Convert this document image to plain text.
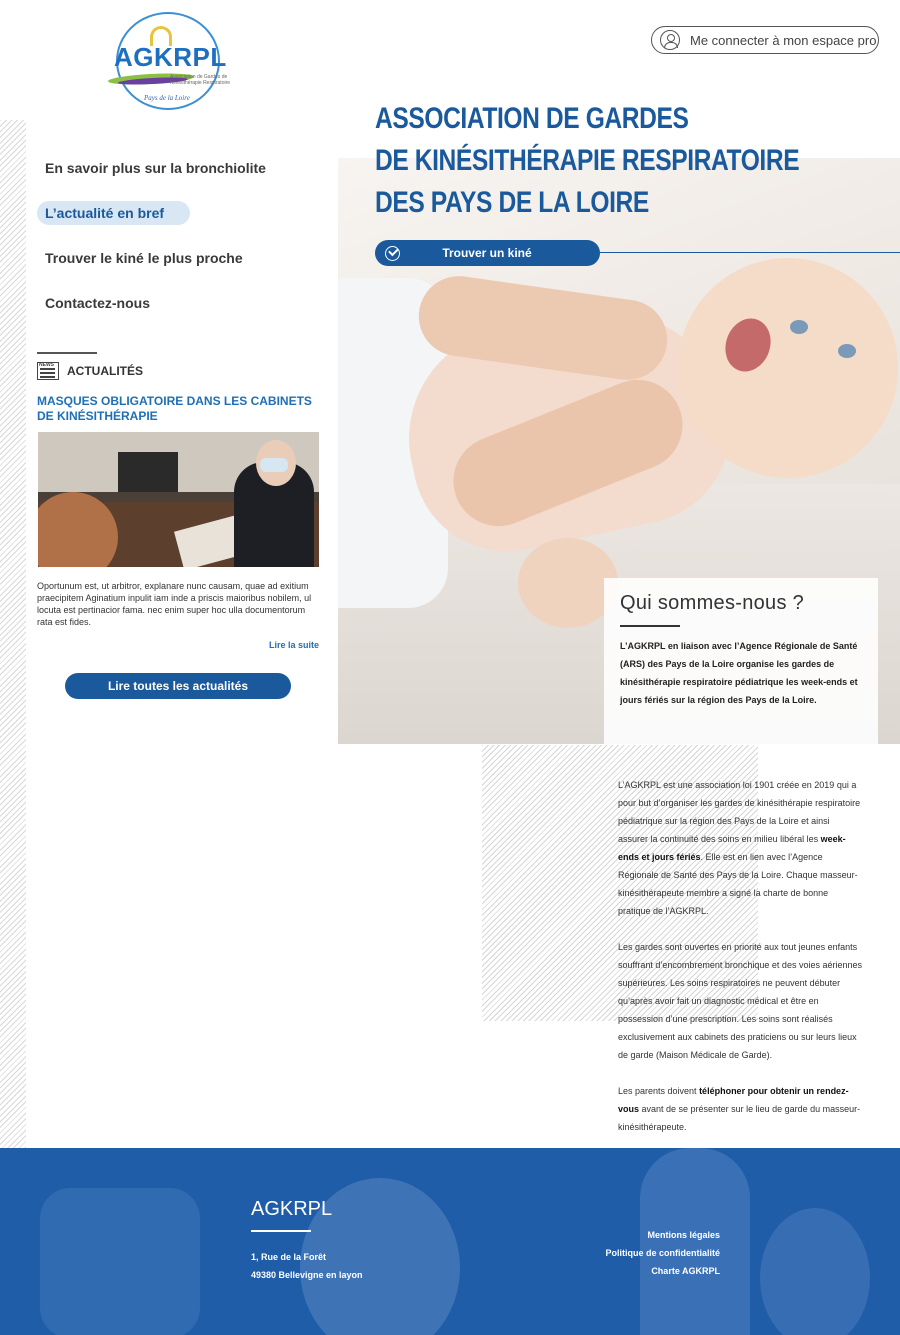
AGKRPL
Association de Gardes de Kinésithérapie Respiratoire
Pays de la Loire
Me connecter à mon espace pro
ASSOCIATION DE GARDES
DE KINÉSITHÉRAPIE RESPIRATOIRE
DES PAYS DE LA LOIRE
Trouver un kiné
Qui sommes-nous ?

L’AGKRPL en liaison avec l’Agence Régionale de Santé (ARS) des Pays de la Loire organise les gardes de kinésithérapie respiratoire pédiatrique les week-ends et jours fériés sur la région des Pays de la Loire.

L’AGKRPL est une association loi 1901 créée en 2019 qui a pour but d’organiser les gardes de kinésithérapie respiratoire pédiatrique sur la région des Pays de la Loire et ainsi assurer la continuité des soins en milieu libéral les week-ends et jours fériés. Elle est en lien avec l’Agence Régionale de Santé des Pays de la Loire. Chaque masseur-kinésithérapeute membre a signé la charte de bonne pratique de l’AGKRPL.

Les gardes sont ouvertes en priorité aux tout jeunes enfants souffrant d’encombrement bronchique et des voies aériennes supérieures. Les soins respiratoires ne peuvent débuter qu’après avoir fait un diagnostic médical et être en possession d’une prescription. Les soins sont réalisés exclusivement aux cabinets des praticiens ou sur leurs lieux de garde (Maison Médicale de Garde).

Les parents doivent téléphoner pour obtenir un rendez-vous avant de se présenter sur le lieu de garde du masseur-kinésithérapeute.

En savoir plus sur la bronchiolite
L’actualité en bref
Trouver le kiné le plus proche
Contactez-nous
NEWS
ACTUALITÉS
MASQUES OBLIGATOIRE DANS LES CABINETS DE KINÉSITHÉRAPIE
Oportunum est, ut arbitror, explanare nunc causam, quae ad exitium praecipitem Aginatium inpulit iam inde a priscis maioribus nobilem, ul locuta est pertinacior fama. nec enim super hoc ulla documentorum rata est fides.
Lire la suite
Lire toutes les actualités
AGKRPL
1, Rue de la Forêt
49380 Bellevigne en layon
Mentions légales
Politique de confidentialité
Charte AGKRPL
